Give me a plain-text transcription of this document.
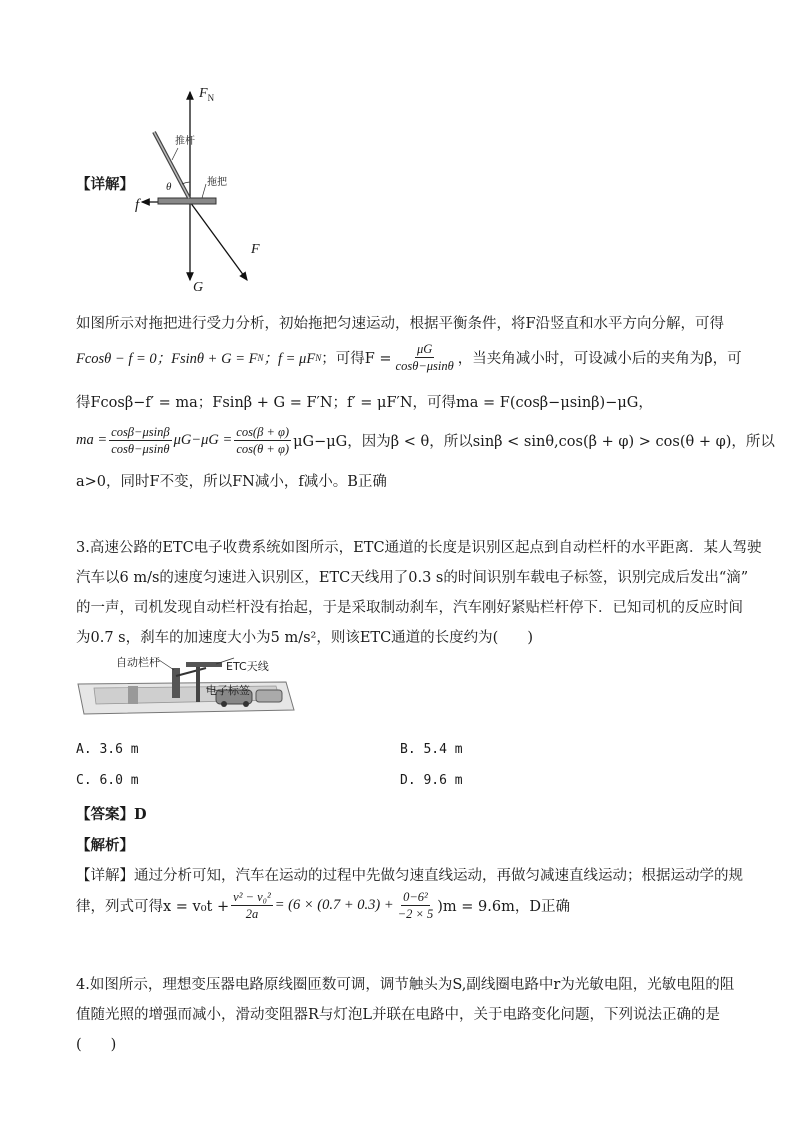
【详解】
$F_N$
推杆
拖把
θ
f
G
F
如图所示对拖把进行受力分析，初始拖把匀速运动，根据平衡条件，将F沿竖直和水平方向分解，可得
Fcosθ − f = 0；Fsinθ + G = F N ；f = μF N ；可得$F = \frac{\mu G}{\cos\theta-\mu\sin\theta}$ ，当夹角减小时，可设减小后的夹角为β，可
得Fcosβ−f′ = ma；Fsinβ + G = F′N；f′ = μF′N，可得ma = F(cosβ−μsinβ)−μG，
ma = $\frac{\cos\beta-\mu\sin\beta}{\cos\theta-\mu\sin\theta} \mu G-\mu G = \frac{\cos(\beta + \varphi)}{\cos(\theta + \varphi)} \mu G-\mu G$，因为β < θ，所以sinβ < sinθ,cos(β + φ) > cos(θ + φ)，所以
a>0，同时F不变，所以FN减小，f减小。B正确
3.高速公路的ETC电子收费系统如图所示，ETC通道的长度是识别区起点到自动栏杆的水平距离．某人驾驶
汽车以6 m/s的速度匀速进入识别区，ETC天线用了0.3 s的时间识别车载电子标签，识别完成后发出“滴”
的一声，司机发现自动栏杆没有抬起，于是采取制动刹车，汽车刚好紧贴栏杆停下．已知司机的反应时间
为0.7 s，刹车的加速度大小为5 m/s²，则该ETC通道的长度约为(　　)
自动栏杆	ETC天线
电子标签
A. 3.6 m	B. 5.4 m
C. 6.0 m	D. 9.6 m
【答案】D
【解析】
【详解】通过分析可知，汽车在运动的过程中先做匀速直线运动，再做匀减速直线运动；根据运动学的规
律，列式可得$x = v_0t + \frac{\text{v² − v₀²}}{2a} = (6 \times (0.7 + 0.3) + \frac{\text{0−6²}}{-2 \times 5} )m = 9.6m$，D正确
4.如图所示，理想变压器电路原线圈匝数可调，调节触头为S,副线圈电路中r为光敏电阻，光敏电阻的阻
值随光照的增强而减小，滑动变阻器R与灯泡L并联在电路中，关于电路变化问题，下列说法正确的是
(　　)
